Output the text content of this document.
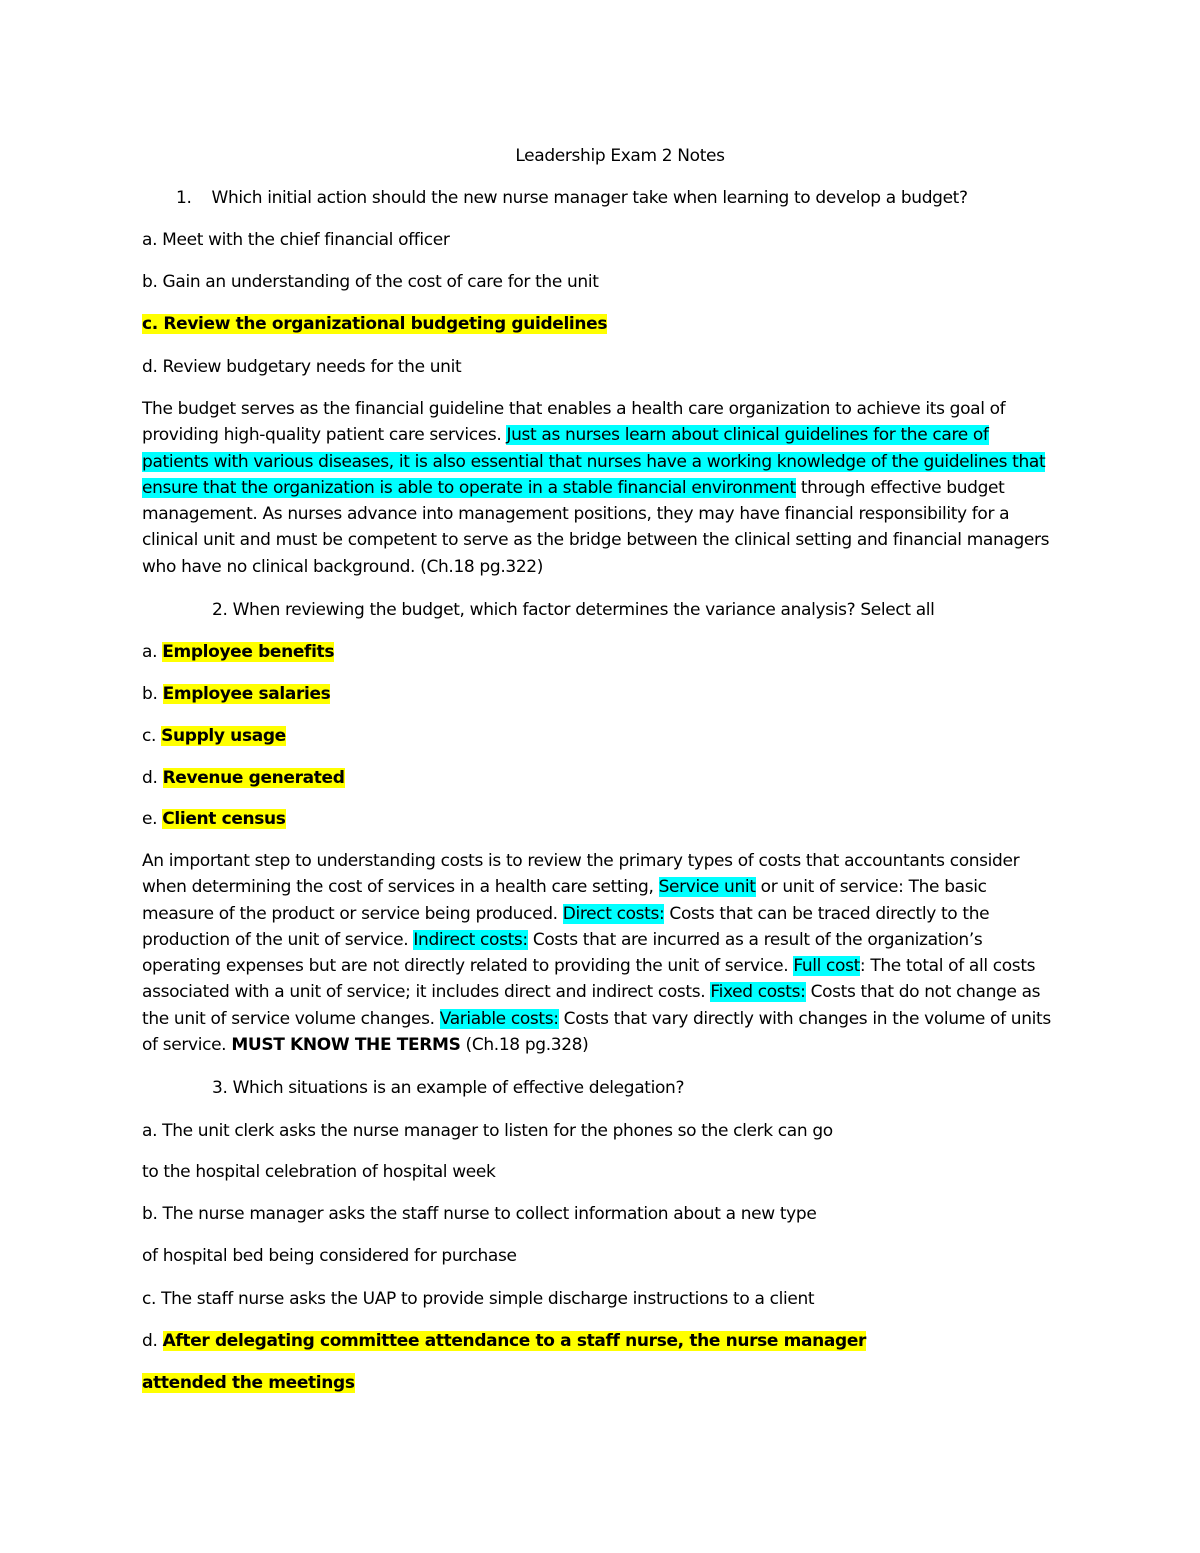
Leadership Exam 2 Notes
1. Which initial action should the new nurse manager take when learning to develop a budget?
a. Meet with the chief financial officer
b. Gain an understanding of the cost of care for the unit
c. Review the organizational budgeting guidelines
d. Review budgetary needs for the unit
The budget serves as the financial guideline that enables a health care organization to achieve its goal of providing high-quality patient care services. Just as nurses learn about clinical guidelines for the care of patients with various diseases, it is also essential that nurses have a working knowledge of the guidelines that ensure that the organization is able to operate in a stable financial environment through effective budget management. As nurses advance into management positions, they may have financial responsibility for a clinical unit and must be competent to serve as the bridge between the clinical setting and financial managers who have no clinical background. (Ch.18 pg.322)
2. When reviewing the budget, which factor determines the variance analysis? Select all
a. Employee benefits
b. Employee salaries
c. Supply usage
d. Revenue generated
e. Client census
An important step to understanding costs is to review the primary types of costs that accountants consider when determining the cost of services in a health care setting, Service unit or unit of service: The basic measure of the product or service being produced. Direct costs: Costs that can be traced directly to the production of the unit of service. Indirect costs: Costs that are incurred as a result of the organization’s operating expenses but are not directly related to providing the unit of service. Full cost: The total of all costs associated with a unit of service; it includes direct and indirect costs. Fixed costs: Costs that do not change as the unit of service volume changes. Variable costs: Costs that vary directly with changes in the volume of units of service. MUST KNOW THE TERMS (Ch.18 pg.328)
3. Which situations is an example of effective delegation?
a. The unit clerk asks the nurse manager to listen for the phones so the clerk can go
to the hospital celebration of hospital week
b. The nurse manager asks the staff nurse to collect information about a new type
of hospital bed being considered for purchase
c. The staff nurse asks the UAP to provide simple discharge instructions to a client
d. After delegating committee attendance to a staff nurse, the nurse manager
attended the meetings
